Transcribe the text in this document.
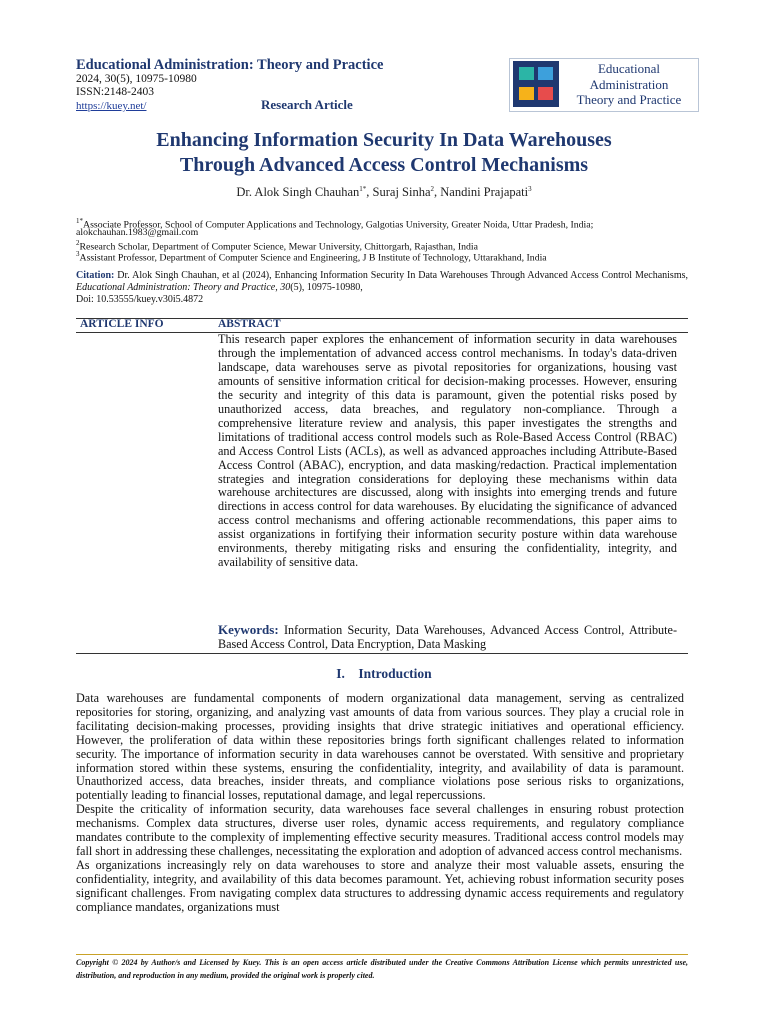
Educational Administration: Theory and Practice
2024, 30(5), 10975-10980
ISSN:2148-2403
https://kuey.net/	Research Article
Educational
Administration
Theory and Practice
Enhancing Information Security In Data Warehouses
Through Advanced Access Control Mechanisms
Dr. Alok Singh Chauhan$^{1*}$, Suraj Sinha$^2$, Nandini Prajapati$^3$
$^{1*}$Associate Professor, School of Computer Applications and Technology, Galgotias University, Greater Noida, Uttar Pradesh, India;
alokchauhan.1983@gmail.com
$^2$Research Scholar, Department of Computer Science, Mewar University, Chittorgarh, Rajasthan, India
$^3$Assistant Professor, Department of Computer Science and Engineering, J B Institute of Technology, Uttarakhand, India
Citation: Dr. Alok Singh Chauhan, et al (2024), Enhancing Information Security In Data Warehouses Through Advanced Access Control Mechanisms, Educational Administration: Theory and Practice, 30(5), 10975-10980,
Doi: 10.53555/kuey.v30i5.4872
ARTICLE INFO	ABSTRACT
This research paper explores the enhancement of information security in data warehouses through the implementation of advanced access control mechanisms. In today's data-driven landscape, data warehouses serve as pivotal repositories for organizations, housing vast amounts of sensitive information critical for decision-making processes. However, ensuring the security and integrity of this data is paramount, given the potential risks posed by unauthorized access, data breaches, and regulatory non-compliance. Through a comprehensive literature review and analysis, this paper investigates the strengths and limitations of traditional access control models such as Role-Based Access Control (RBAC) and Access Control Lists (ACLs), as well as advanced approaches including Attribute-Based Access Control (ABAC), encryption, and data masking/redaction. Practical implementation strategies and integration considerations for deploying these mechanisms within data warehouse architectures are discussed, along with insights into emerging trends and future directions in access control for data warehouses. By elucidating the significance of advanced access control mechanisms and offering actionable recommendations, this paper aims to assist organizations in fortifying their information security posture within data warehouse environments, thereby mitigating risks and ensuring the confidentiality, integrity, and availability of sensitive data.
Keywords: Information Security, Data Warehouses, Advanced Access Control, Attribute-Based Access Control, Data Encryption, Data Masking
I. Introduction

Data warehouses are fundamental components of modern organizational data management, serving as centralized repositories for storing, organizing, and analyzing vast amounts of data from various sources. They play a crucial role in facilitating decision-making processes, providing insights that drive strategic initiatives and operational efficiency. However, the proliferation of data within these repositories brings forth significant challenges related to information security. The importance of information security in data warehouses cannot be overstated. With sensitive and proprietary information stored within these systems, ensuring the confidentiality, integrity, and availability of data is paramount. Unauthorized access, data breaches, insider threats, and compliance violations pose serious risks to organizations, potentially leading to financial losses, reputational damage, and legal repercussions.

Despite the criticality of information security, data warehouses face several challenges in ensuring robust protection mechanisms. Complex data structures, diverse user roles, dynamic access requirements, and regulatory compliance mandates contribute to the complexity of implementing effective security measures. Traditional access control models may fall short in addressing these challenges, necessitating the exploration and adoption of advanced access control mechanisms.

As organizations increasingly rely on data warehouses to store and analyze their most valuable assets, ensuring the confidentiality, integrity, and availability of this data becomes paramount. Yet, achieving robust information security poses significant challenges. From navigating complex data structures to addressing dynamic access requirements and regulatory compliance mandates, organizations must

Copyright © 2024 by Author/s and Licensed by Kuey. This is an open access article distributed under the Creative Commons Attribution License which permits unrestricted use, distribution, and reproduction in any medium, provided the original work is properly cited.
